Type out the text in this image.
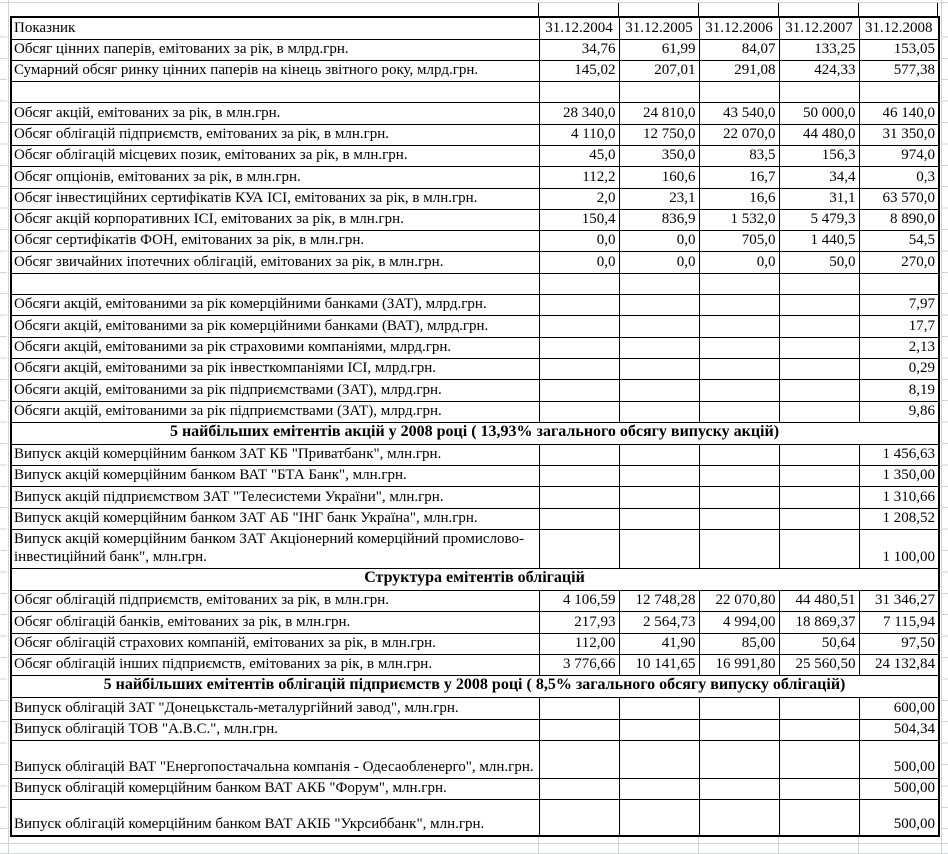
Показник	31.12.2004	31.12.2005	31.12.2006	31.12.2007	31.12.2008
Обсяг цінних паперів, емітованих за рік, в млрд.грн.	34,76	61,99	84,07	133,25	153,05
Сумарний обсяг ринку цінних паперів на кінець звітного року, млрд.грн.	145,02	207,01	291,08	424,33	577,38

Обсяг акцій, емітованих за рік, в млн.грн.	28 340,0	24 810,0	43 540,0	50 000,0	46 140,0
Обсяг облігацій підприємств, емітованих за рік, в млн.грн.	4 110,0	12 750,0	22 070,0	44 480,0	31 350,0
Обсяг облігацій місцевих позик, емітованих за рік, в млн.грн.	45,0	350,0	83,5	156,3	974,0
Обсяг опціонів, емітованих за рік, в млн.грн.	112,2	160,6	16,7	34,4	0,3
Обсяг інвестиційних сертифікатів КУА ІСІ, емітованих за рік, в млн.грн.	2,0	23,1	16,6	31,1	63 570,0
Обсяг акцій корпоративних ІСІ, емітованих за рік, в млн.грн.	150,4	836,9	1 532,0	5 479,3	8 890,0
Обсяг сертифікатів ФОН, емітованих за рік, в млн.грн.	0,0	0,0	705,0	1 440,5	54,5
Обсяг звичайних іпотечних облігацій, емітованих за рік, в млн.грн.	0,0	0,0	0,0	50,0	270,0

Обсяги акцій, емітованими за рік комерційними банками (ЗАТ), млрд.грн.					7,97
Обсяги акцій, емітованими за рік комерційними банками (ВАТ), млрд.грн.					17,7
Обсяги акцій, емітованими за рік страховими компаніями, млрд.грн.					2,13
Обсяги акцій, емітованими за рік інвесткомпаніями ІСІ, млрд.грн.					0,29
Обсяги акцій, емітованими за рік підприємствами (ЗАТ), млрд.грн.					8,19
Обсяги акцій, емітованими за рік підприємствами (ЗАТ), млрд.грн.					9,86
5 найбільших емітентів акцій у 2008 році ( 13,93% загального обсягу випуску акцій)					
Випуск акцій комерційним банком ЗАТ КБ "Приватбанк", млн.грн.					1 456,63
Випуск акцій комерційним банком ВАТ "БТА Банк", млн.грн.					1 350,00
Випуск акцій підприємством ЗАТ "Телесистеми України", млн.грн.					1 310,66
Випуск акцій комерційним банком ЗАТ АБ "ІНГ банк Україна", млн.грн.					1 208,52
Випуск акцій комерційним банком ЗАТ Акціонерний комерційний промислово-інвестиційний банк", млн.грн.					1 100,00
Структура емітентів облігацій					
Обсяг облігацій підприємств, емітованих за рік, в млн.грн.	4 106,59	12 748,28	22 070,80	44 480,51	31 346,27
Обсяг облігацій банків, емітованих за рік, в млн.грн.	217,93	2 564,73	4 994,00	18 869,37	7 115,94
Обсяг облігацій страхових компаній, емітованих за рік, в млн.грн.	112,00	41,90	85,00	50,64	97,50
Обсяг облігацій інших підприємств, емітованих за рік, в млн.грн.	3 776,66	10 141,65	16 991,80	25 560,50	24 132,84
5 найбільших емітентів облігацій підприємств у 2008 році ( 8,5% загального обсягу випуску облігацій)					
Випуск облігацій ЗАТ "Донецьксталь-металургійний завод", млн.грн.					600,00
Випуск облігацій ТОВ "А.В.С.", млн.грн.					504,34
Випуск облігацій ВАТ "Енергопостачальна компанія - Одесаобленерго", млн.грн.					500,00
Випуск облігацій комерційним банком ВАТ АКБ "Форум", млн.грн.					500,00
Випуск облігацій комерційним банком ВАТ АКІБ "Укрсиббанк", млн.грн.					500,00
